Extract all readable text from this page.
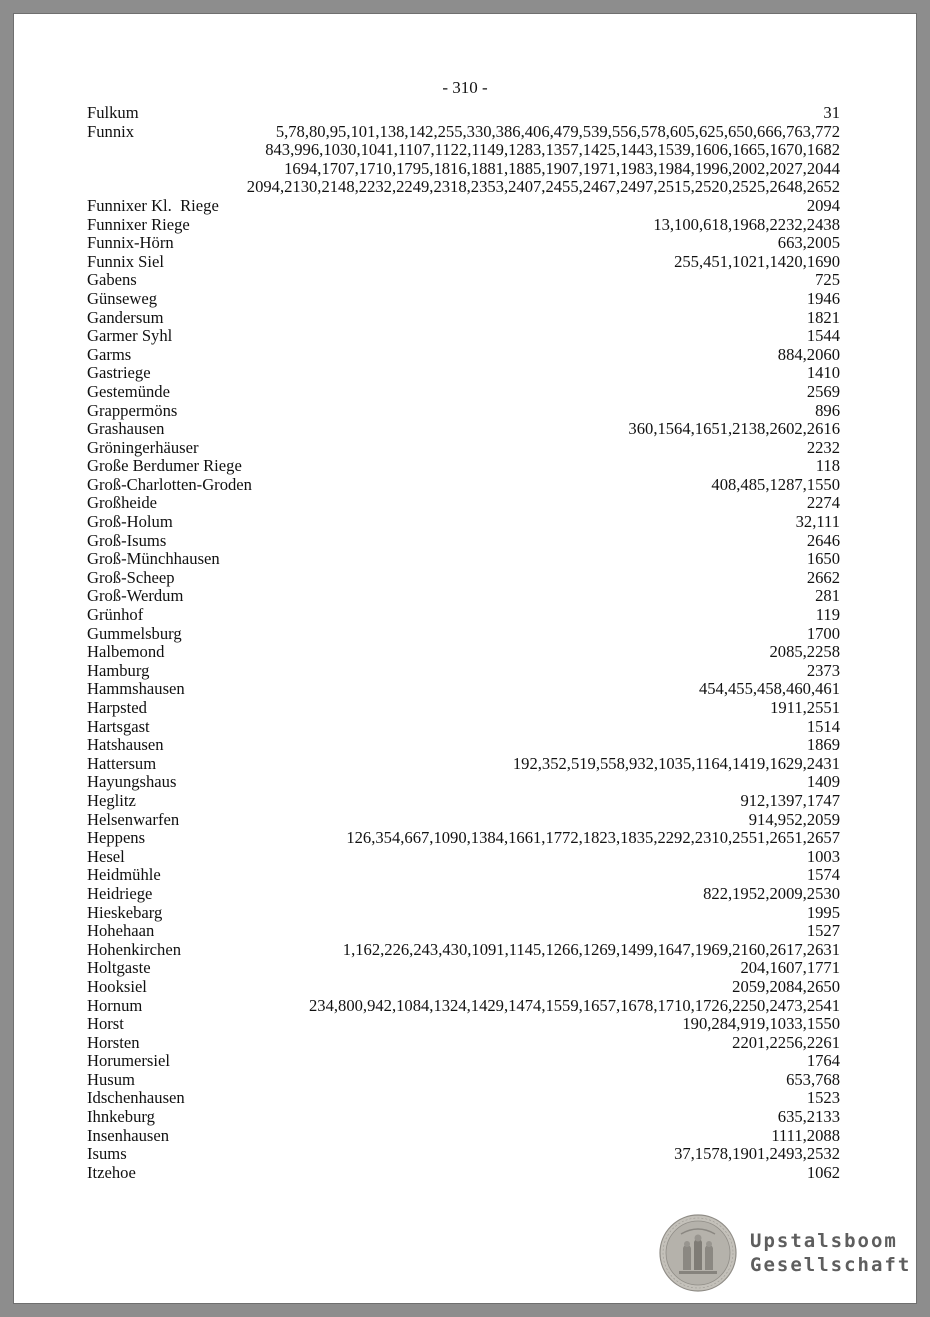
- 310 -
Fulkum	31
Funnix	5,78,80,95,101,138,142,255,330,386,406,479,539,556,578,605,625,650,666,763,772
843,996,1030,1041,1107,1122,1149,1283,1357,1425,1443,1539,1606,1665,1670,1682
1694,1707,1710,1795,1816,1881,1885,1907,1971,1983,1984,1996,2002,2027,2044
2094,2130,2148,2232,2249,2318,2353,2407,2455,2467,2497,2515,2520,2525,2648,2652
Funnixer Kl.  Riege	2094
Funnixer Riege	13,100,618,1968,2232,2438
Funnix-Hörn	663,2005
Funnix Siel	255,451,1021,1420,1690
Gabens	725
Günseweg	1946
Gandersum	1821
Garmer Syhl	1544
Garms	884,2060
Gastriege	1410
Gestemünde	2569
Grappermöns	896
Grashausen	360,1564,1651,2138,2602,2616
Gröningerhäuser	2232
Große Berdumer Riege	118
Groß-Charlotten-Groden	408,485,1287,1550
Großheide	2274
Groß-Holum	32,111
Groß-Isums	2646
Groß-Münchhausen	1650
Groß-Scheep	2662
Groß-Werdum	281
Grünhof	119
Gummelsburg	1700
Halbemond	2085,2258
Hamburg	2373
Hammshausen	454,455,458,460,461
Harpsted	1911,2551
Hartsgast	1514
Hatshausen	1869
Hattersum	192,352,519,558,932,1035,1164,1419,1629,2431
Hayungshaus	1409
Heglitz	912,1397,1747
Helsenwarfen	914,952,2059
Heppens	126,354,667,1090,1384,1661,1772,1823,1835,2292,2310,2551,2651,2657
Hesel	1003
Heidmühle	1574
Heidriege	822,1952,2009,2530
Hieskebarg	1995
Hohehaan	1527
Hohenkirchen	1,162,226,243,430,1091,1145,1266,1269,1499,1647,1969,2160,2617,2631
Holtgaste	204,1607,1771
Hooksiel	2059,2084,2650
Hornum	234,800,942,1084,1324,1429,1474,1559,1657,1678,1710,1726,2250,2473,2541
Horst	190,284,919,1033,1550
Horsten	2201,2256,2261
Horumersiel	1764
Husum	653,768
Idschenhausen	1523
Ihnkeburg	635,2133
Insenhausen	1111,2088
Isums	37,1578,1901,2493,2532
Itzehoe	1062
Upstalsboom
Gesellschaft
